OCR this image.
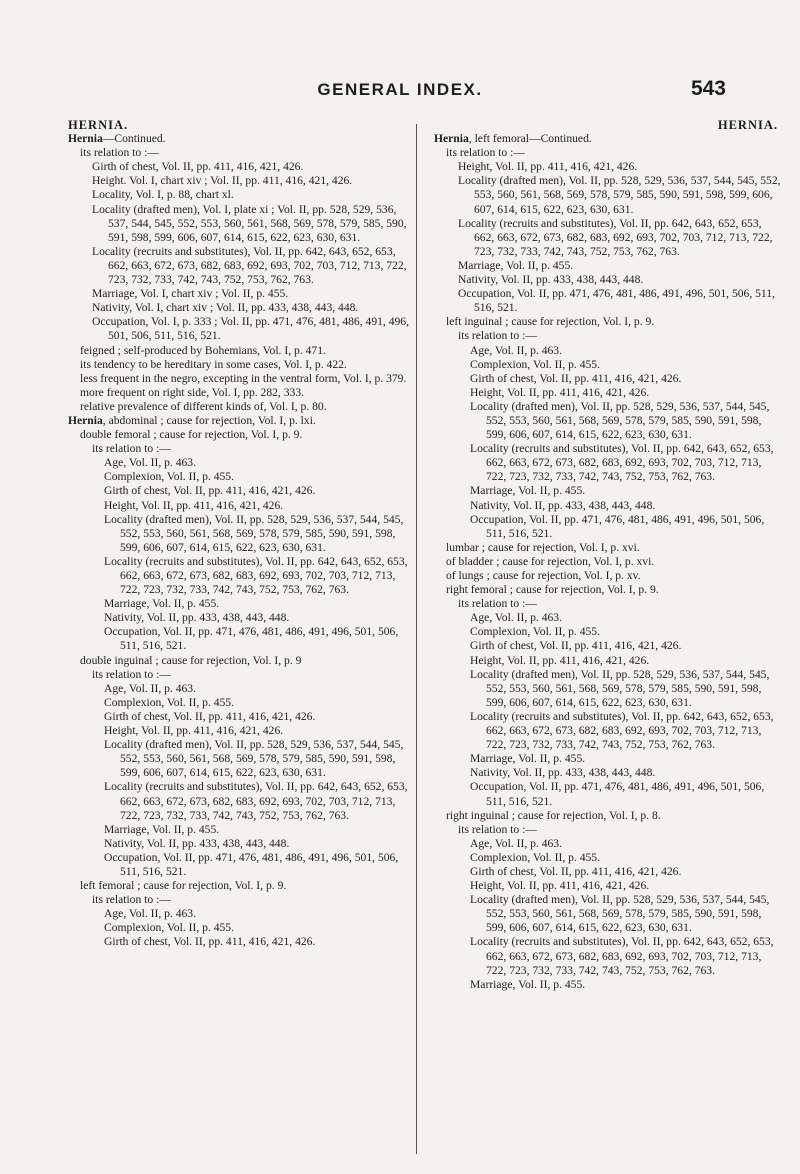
GENERAL INDEX.	543
HERNIA.
Hernia—Continued.
its relation to :—
Girth of chest, Vol. II, pp. 411, 416, 421, 426.
Height. Vol. I, chart xiv ; Vol. II, pp. 411, 416, 421, 426.
Locality, Vol. I, p. 88, chart xl.
Locality (drafted men), Vol. I, plate xi ; Vol. II, pp. 528, 529, 536, 537, 544, 545, 552, 553, 560, 561, 568, 569, 578, 579, 585, 590, 591, 598, 599, 606, 607, 614, 615, 622, 623, 630, 631.
Locality (recruits and substitutes), Vol. II, pp. 642, 643, 652, 653, 662, 663, 672, 673, 682, 683, 692, 693, 702, 703, 712, 713, 722, 723, 732, 733, 742, 743, 752, 753, 762, 763.
Marriage, Vol. I, chart xiv ; Vol. II, p. 455.
Nativity, Vol. I, chart xiv ; Vol. II, pp. 433, 438, 443, 448.
Occupation, Vol. I, p. 333 ; Vol. II, pp. 471, 476, 481, 486, 491, 496, 501, 506, 511, 516, 521.
feigned ; self-produced by Bohemians, Vol. I, p. 471.
its tendency to be hereditary in some cases, Vol. I, p. 422.
less frequent in the negro, excepting in the ventral form, Vol. I, p. 379.
more frequent on right side, Vol. I, pp. 282, 333.
relative prevalence of different kinds of, Vol. I, p. 80.
Hernia, abdominal ; cause for rejection, Vol. I, p. lxi.
double femoral ; cause for rejection, Vol. I, p. 9.
its relation to :—
Age, Vol. II, p. 463.
Complexion, Vol. II, p. 455.
Girth of chest, Vol. II, pp. 411, 416, 421, 426.
Height, Vol. II, pp. 411, 416, 421, 426.
Locality (drafted men), Vol. II, pp. 528, 529, 536, 537, 544, 545, 552, 553, 560, 561, 568, 569, 578, 579, 585, 590, 591, 598, 599, 606, 607, 614, 615, 622, 623, 630, 631.
Locality (recruits and substitutes), Vol. II, pp. 642, 643, 652, 653, 662, 663, 672, 673, 682, 683, 692, 693, 702, 703, 712, 713, 722, 723, 732, 733, 742, 743, 752, 753, 762, 763.
Marriage, Vol. II, p. 455.
Nativity, Vol. II, pp. 433, 438, 443, 448.
Occupation, Vol. II, pp. 471, 476, 481, 486, 491, 496, 501, 506, 511, 516, 521.
double inguinal ; cause for rejection, Vol. I, p. 9
its relation to :—
Age, Vol. II, p. 463.
Complexion, Vol. II, p. 455.
Girth of chest, Vol. II, pp. 411, 416, 421, 426.
Height, Vol. II, pp. 411, 416, 421, 426.
Locality (drafted men), Vol. II, pp. 528, 529, 536, 537, 544, 545, 552, 553, 560, 561, 568, 569, 578, 579, 585, 590, 591, 598, 599, 606, 607, 614, 615, 622, 623, 630, 631.
Locality (recruits and substitutes), Vol. II, pp. 642, 643, 652, 653, 662, 663, 672, 673, 682, 683, 692, 693, 702, 703, 712, 713, 722, 723, 732, 733, 742, 743, 752, 753, 762, 763.
Marriage, Vol. II, p. 455.
Nativity, Vol. II, pp. 433, 438, 443, 448.
Occupation, Vol. II, pp. 471, 476, 481, 486, 491, 496, 501, 506, 511, 516, 521.
left femoral ; cause for rejection, Vol. I, p. 9.
its relation to :—
Age, Vol. II, p. 463.
Complexion, Vol. II, p. 455.
Girth of chest, Vol. II, pp. 411, 416, 421, 426.
HERNIA.
Hernia, left femoral—Continued.
its relation to :—
Height, Vol. II, pp. 411, 416, 421, 426.
Locality (drafted men), Vol. II, pp. 528, 529, 536, 537, 544, 545, 552, 553, 560, 561, 568, 569, 578, 579, 585, 590, 591, 598, 599, 606, 607, 614, 615, 622, 623, 630, 631.
Locality (recruits and substitutes), Vol. II, pp. 642, 643, 652, 653, 662, 663, 672, 673, 682, 683, 692, 693, 702, 703, 712, 713, 722, 723, 732, 733, 742, 743, 752, 753, 762, 763.
Marriage, Vol. II, p. 455.
Nativity, Vol. II, pp. 433, 438, 443, 448.
Occupation, Vol. II, pp. 471, 476, 481, 486, 491, 496, 501, 506, 511, 516, 521.
left inguinal ; cause for rejection, Vol. I, p. 9.
its relation to :—
Age, Vol. II, p. 463.
Complexion, Vol. II, p. 455.
Girth of chest, Vol. II, pp. 411, 416, 421, 426.
Height, Vol. II, pp. 411, 416, 421, 426.
Locality (drafted men), Vol. II, pp. 528, 529, 536, 537, 544, 545, 552, 553, 560, 561, 568, 569, 578, 579, 585, 590, 591, 598, 599, 606, 607, 614, 615, 622, 623, 630, 631.
Locality (recruits and substitutes), Vol. II, pp. 642, 643, 652, 653, 662, 663, 672, 673, 682, 683, 692, 693, 702, 703, 712, 713, 722, 723, 732, 733, 742, 743, 752, 753, 762, 763.
Marriage, Vol. II, p. 455.
Nativity, Vol. II, pp. 433, 438, 443, 448.
Occupation, Vol. II, pp. 471, 476, 481, 486, 491, 496, 501, 506, 511, 516, 521.
lumbar ; cause for rejection, Vol. I, p. xvi.
of bladder ; cause for rejection, Vol. I, p. xvi.
of lungs ; cause for rejection, Vol. I, p. xv.
right femoral ; cause for rejection, Vol. I, p. 9.
its relation to :—
Age, Vol. II, p. 463.
Complexion, Vol. II, p. 455.
Girth of chest, Vol. II, pp. 411, 416, 421, 426.
Height, Vol. II, pp. 411, 416, 421, 426.
Locality (drafted men), Vol. II, pp. 528, 529, 536, 537, 544, 545, 552, 553, 560, 561, 568, 569, 578, 579, 585, 590, 591, 598, 599, 606, 607, 614, 615, 622, 623, 630, 631.
Locality (recruits and substitutes), Vol. II, pp. 642, 643, 652, 653, 662, 663, 672, 673, 682, 683, 692, 693, 702, 703, 712, 713, 722, 723, 732, 733, 742, 743, 752, 753, 762, 763.
Marriage, Vol. II, p. 455.
Nativity, Vol. II, pp. 433, 438, 443, 448.
Occupation, Vol. II, pp. 471, 476, 481, 486, 491, 496, 501, 506, 511, 516, 521.
right inguinal ; cause for rejection, Vol. I, p. 8.
its relation to :—
Age, Vol. II, p. 463.
Complexion, Vol. II, p. 455.
Girth of chest, Vol. II, pp. 411, 416, 421, 426.
Height, Vol. II, pp. 411, 416, 421, 426.
Locality (drafted men), Vol. II, pp. 528, 529, 536, 537, 544, 545, 552, 553, 560, 561, 568, 569, 578, 579, 585, 590, 591, 598, 599, 606, 607, 614, 615, 622, 623, 630, 631.
Locality (recruits and substitutes), Vol. II, pp. 642, 643, 652, 653, 662, 663, 672, 673, 682, 683, 692, 693, 702, 703, 712, 713, 722, 723, 732, 733, 742, 743, 752, 753, 762, 763.
Marriage, Vol. II, p. 455.
